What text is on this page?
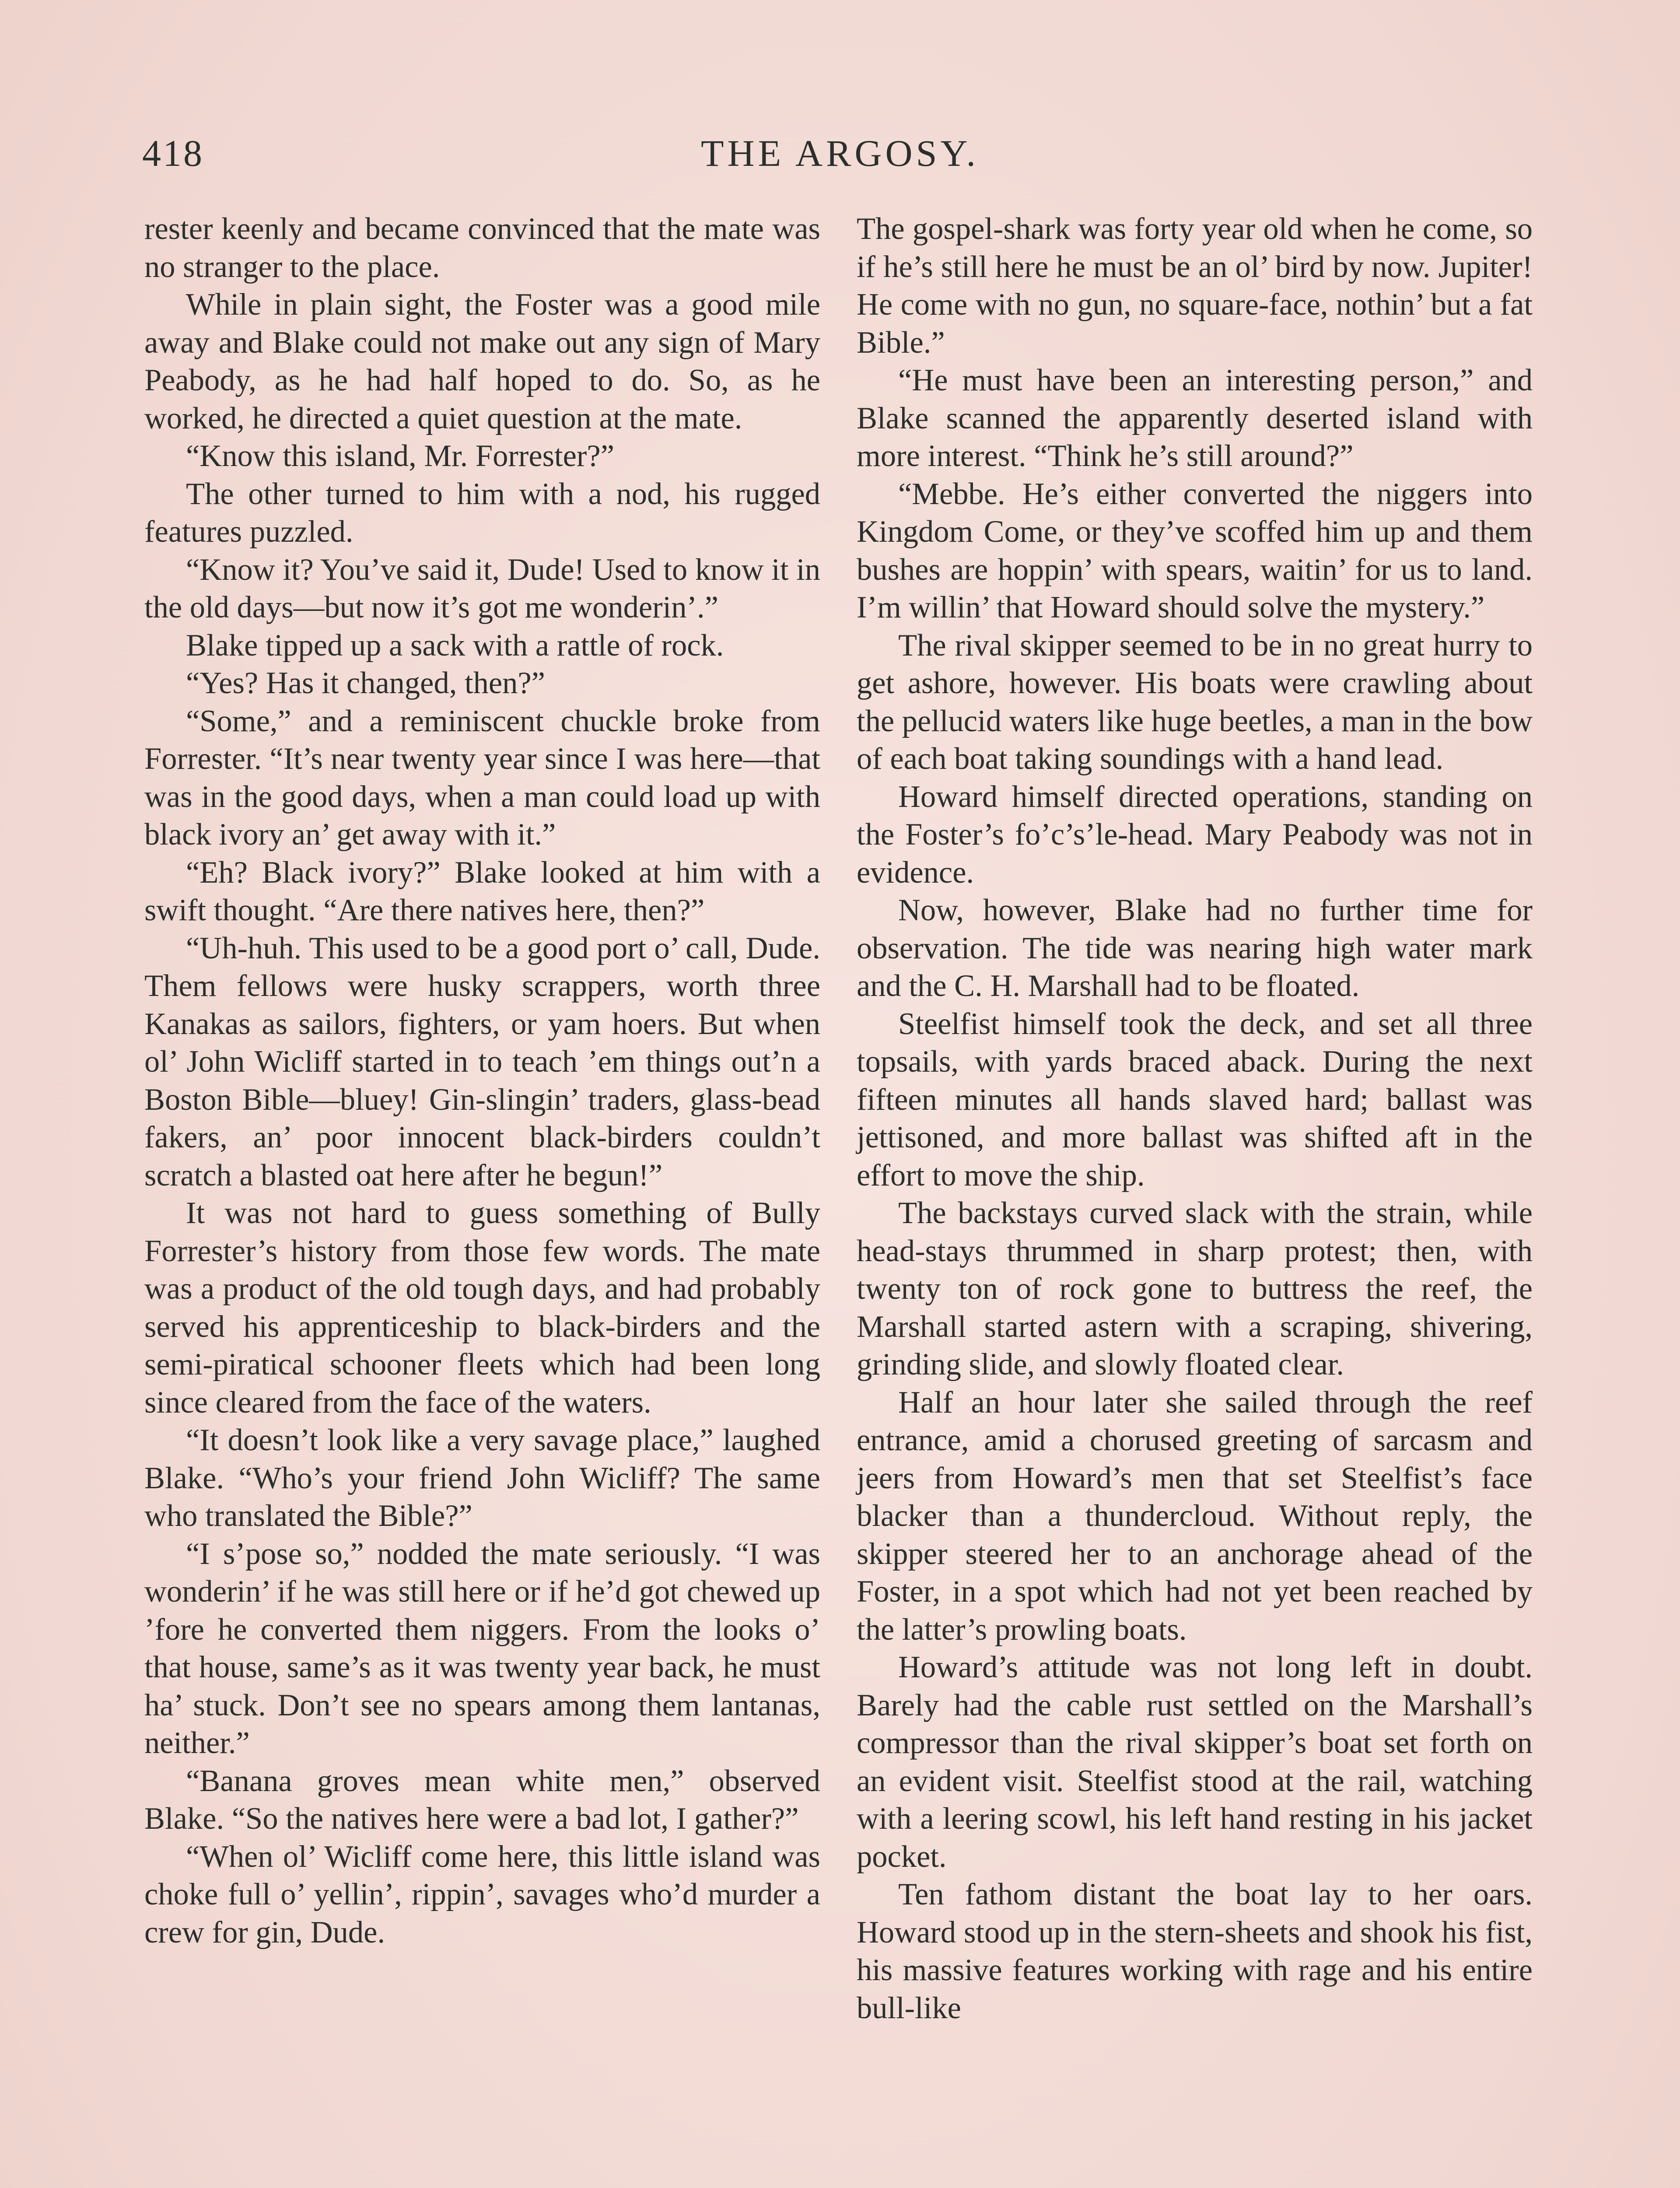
418	THE ARGOSY.

rester keenly and became convinced that the mate was no stranger to the place.

While in plain sight, the Foster was a good mile away and Blake could not make out any sign of Mary Peabody, as he had half hoped to do. So, as he worked, he directed a quiet question at the mate.

“Know this island, Mr. Forrester?”

The other turned to him with a nod, his rugged features puzzled.

“Know it? You’ve said it, Dude! Used to know it in the old days—but now it’s got me wonderin’.”

Blake tipped up a sack with a rattle of rock.

“Yes? Has it changed, then?”

“Some,” and a reminiscent chuckle broke from Forrester. “It’s near twenty year since I was here—that was in the good days, when a man could load up with black ivory an’ get away with it.”

“Eh? Black ivory?” Blake looked at him with a swift thought. “Are there natives here, then?”

“Uh-huh. This used to be a good port o’ call, Dude. Them fellows were husky scrappers, worth three Kanakas as sailors, fighters, or yam hoers. But when ol’ John Wicliff started in to teach ’em things out’n a Boston Bible—bluey! Gin-slingin’ traders, glass-bead fakers, an’ poor innocent black-birders couldn’t scratch a blasted oat here after he begun!”

It was not hard to guess something of Bully Forrester’s history from those few words. The mate was a product of the old tough days, and had probably served his apprenticeship to black-birders and the semi-piratical schooner fleets which had been long since cleared from the face of the waters.

“It doesn’t look like a very savage place,” laughed Blake. “Who’s your friend John Wicliff? The same who translated the Bible?”

“I s’pose so,” nodded the mate seriously. “I was wonderin’ if he was still here or if he’d got chewed up ’fore he converted them niggers. From the looks o’ that house, same’s as it was twenty year back, he must ha’ stuck. Don’t see no spears among them lantanas, neither.”

“Banana groves mean white men,” observed Blake. “So the natives here were a bad lot, I gather?”

“When ol’ Wicliff come here, this little island was choke full o’ yellin’, rippin’, savages who’d murder a crew for gin, Dude.

The gospel-shark was forty year old when he come, so if he’s still here he must be an ol’ bird by now. Jupiter! He come with no gun, no square-face, nothin’ but a fat Bible.”

“He must have been an interesting person,” and Blake scanned the apparently deserted island with more interest. “Think he’s still around?”

“Mebbe. He’s either converted the niggers into Kingdom Come, or they’ve scoffed him up and them bushes are hoppin’ with spears, waitin’ for us to land. I’m willin’ that Howard should solve the mystery.”

The rival skipper seemed to be in no great hurry to get ashore, however. His boats were crawling about the pellucid waters like huge beetles, a man in the bow of each boat taking soundings with a hand lead.

Howard himself directed operations, standing on the Foster’s fo’c’s’le-head. Mary Peabody was not in evidence.

Now, however, Blake had no further time for observation. The tide was nearing high water mark and the C. H. Marshall had to be floated.

Steelfist himself took the deck, and set all three topsails, with yards braced aback. During the next fifteen minutes all hands slaved hard; ballast was jettisoned, and more ballast was shifted aft in the effort to move the ship.

The backstays curved slack with the strain, while head-stays thrummed in sharp protest; then, with twenty ton of rock gone to buttress the reef, the Marshall started astern with a scraping, shivering, grinding slide, and slowly floated clear.

Half an hour later she sailed through the reef entrance, amid a chorused greeting of sarcasm and jeers from Howard’s men that set Steelfist’s face blacker than a thundercloud. Without reply, the skipper steered her to an anchorage ahead of the Foster, in a spot which had not yet been reached by the latter’s prowling boats.

Howard’s attitude was not long left in doubt. Barely had the cable rust settled on the Marshall’s compressor than the rival skipper’s boat set forth on an evident visit. Steelfist stood at the rail, watching with a leering scowl, his left hand resting in his jacket pocket.

Ten fathom distant the boat lay to her oars. Howard stood up in the stern-sheets and shook his fist, his massive features working with rage and his entire bull-like
